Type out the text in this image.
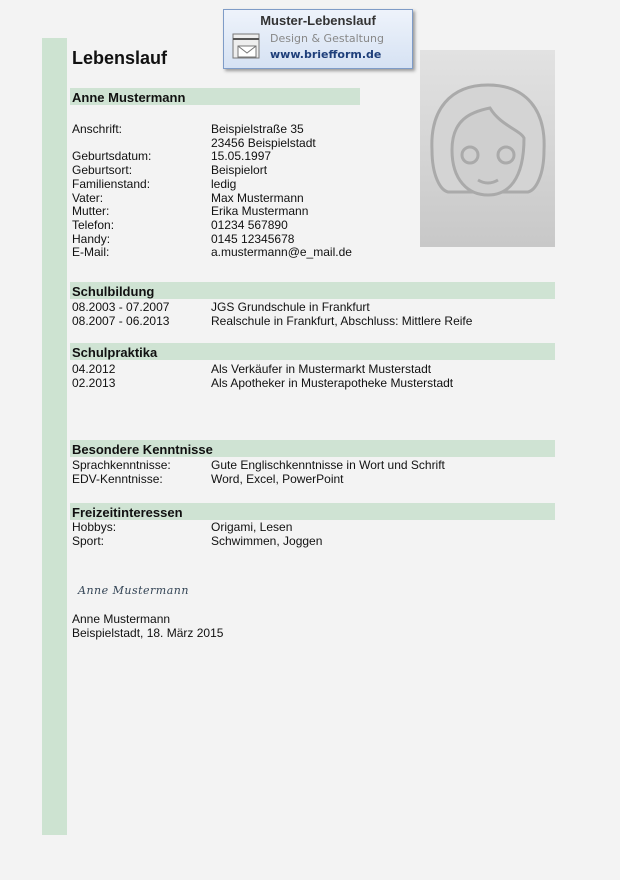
Muster-Lebenslauf
Design & Gestaltung
www.briefform.de
Lebenslauf
Anne Mustermann
Schulbildung
Schulpraktika
Besondere Kenntnisse
Freizeitinteressen
Anne Mustermann
Anne Mustermann
Beispielstadt, 18. März 2015
Anschrift:	Beispielstraße 35
23456 Beispielstadt
Geburtsdatum:	15.05.1997
Geburtsort:	Beispielort
Familienstand:	ledig
Vater:	Max Mustermann
Mutter:	Erika Mustermann
Telefon:	01234 567890
Handy:	0145 12345678
E-Mail:	a.mustermann@e_mail.de
08.2003 - 07.2007	JGS Grundschule in Frankfurt
08.2007 - 06.2013	Realschule in Frankfurt, Abschluss: Mittlere Reife
04.2012	Als Verkäufer in Mustermarkt Musterstadt
02.2013	Als Apotheker in Musterapotheke Musterstadt
Sprachkenntnisse:	Gute Englischkenntnisse in Wort und Schrift
EDV-Kenntnisse:	Word, Excel, PowerPoint
Hobbys:	Origami, Lesen
Sport:	Schwimmen, Joggen
